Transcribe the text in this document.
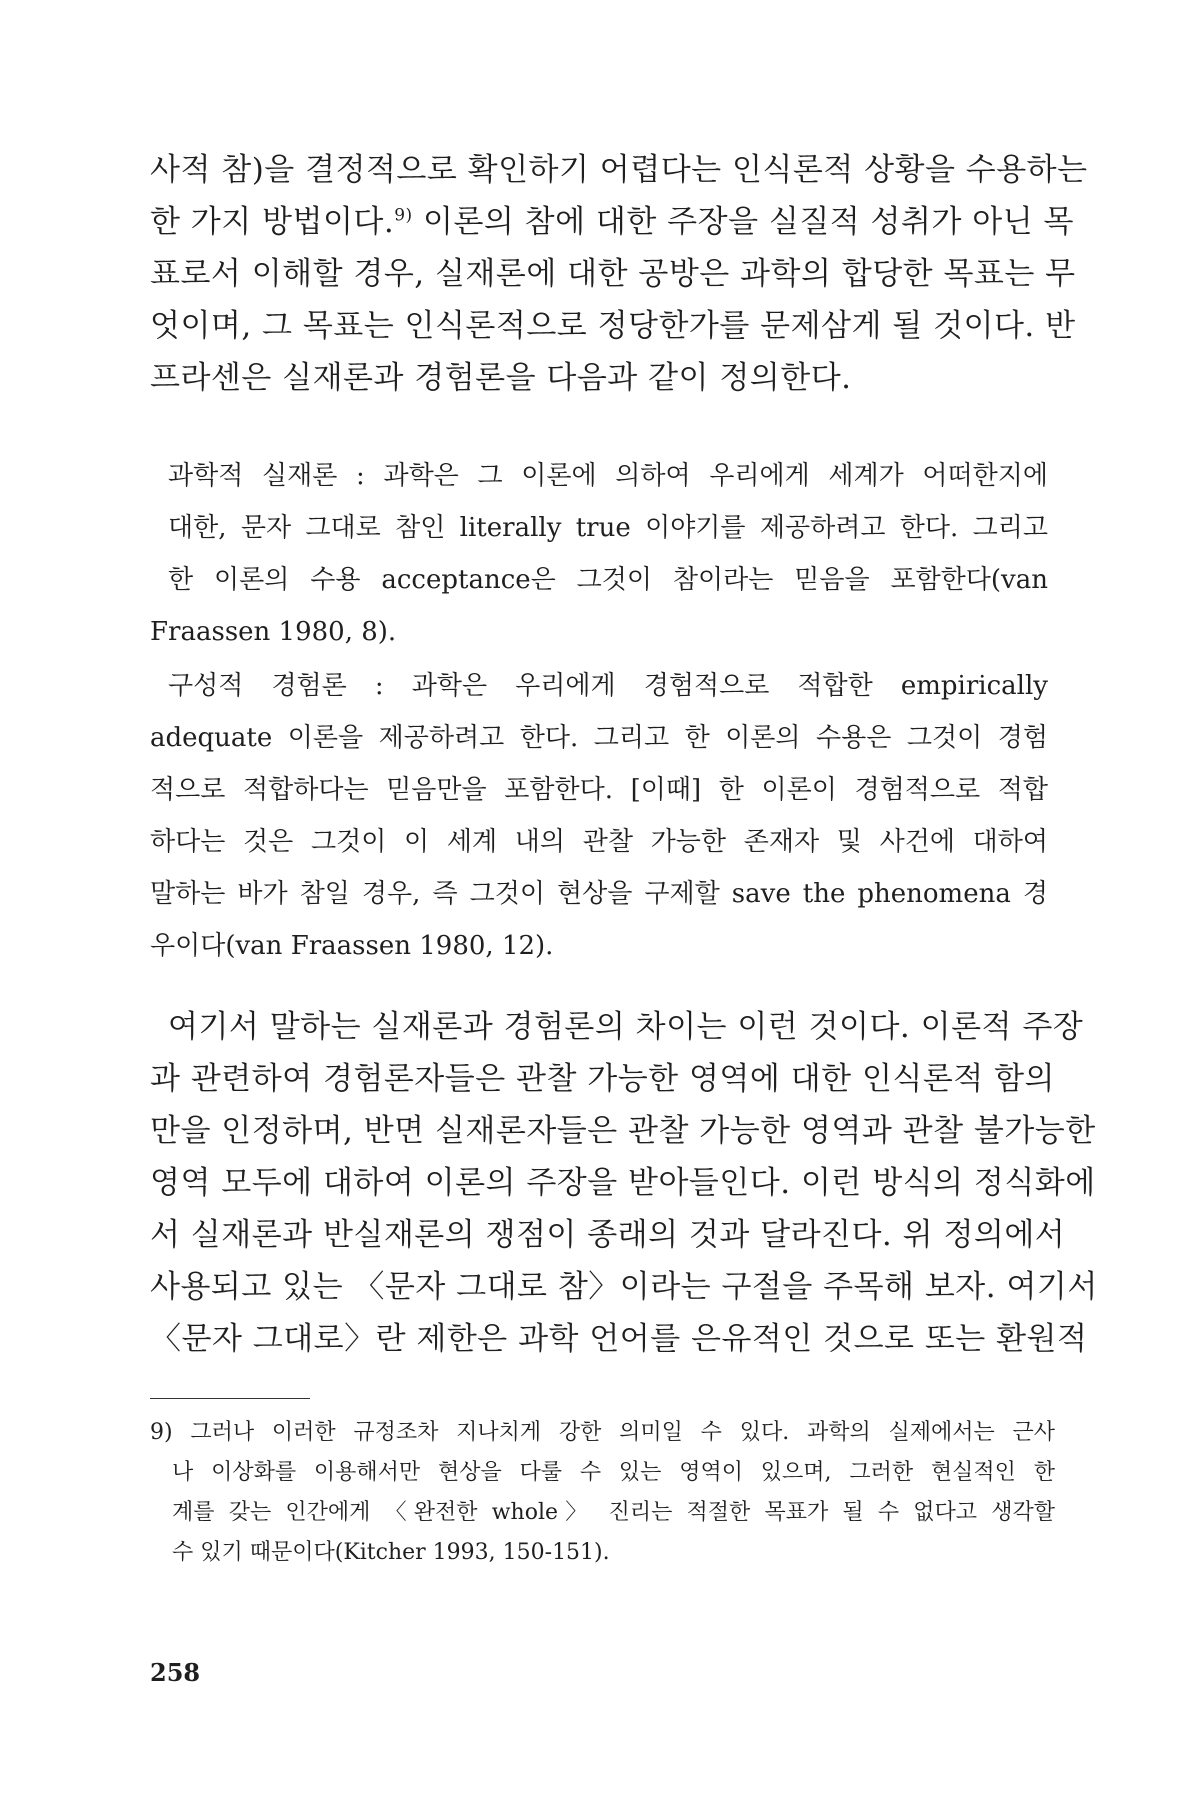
사적 참)을 결정적으로 확인하기 어렵다는 인식론적 상황을 수용하는
한 가지 방법이다.$^{9)}$ 이론의 참에 대한 주장을 실질적 성취가 아닌 목
표로서 이해할 경우, 실재론에 대한 공방은 과학의 합당한 목표는 무
엇이며, 그 목표는 인식론적으로 정당한가를 문제삼게 될 것이다. 반
프라센은 실재론과 경험론을 다음과 같이 정의한다.
과학적 실재론 : 과학은 그 이론에 의하여 우리에게 세계가 어떠한지에
대한, 문자 그대로 참인 literally true 이야기를 제공하려고 한다. 그리고
한 이론의 수용 acceptance은 그것이 참이라는 믿음을 포함한다(van
Fraassen 1980, 8).
구성적 경험론 : 과학은 우리에게 경험적으로 적합한 empirically
adequate 이론을 제공하려고 한다. 그리고 한 이론의 수용은 그것이 경험
적으로 적합하다는 믿음만을 포함한다. [이때] 한 이론이 경험적으로 적합
하다는 것은 그것이 이 세계 내의 관찰 가능한 존재자 및 사건에 대하여
말하는 바가 참일 경우, 즉 그것이 현상을 구제할 save the phenomena 경
우이다(van Fraassen 1980, 12).
여기서 말하는 실재론과 경험론의 차이는 이런 것이다. 이론적 주장
과 관련하여 경험론자들은 관찰 가능한 영역에 대한 인식론적 함의
만을 인정하며, 반면 실재론자들은 관찰 가능한 영역과 관찰 불가능한
영역 모두에 대하여 이론의 주장을 받아들인다. 이런 방식의 정식화에
서 실재론과 반실재론의 쟁점이 종래의 것과 달라진다. 위 정의에서
사용되고 있는 〈문자 그대로 참〉이라는 구절을 주목해 보자. 여기서
〈문자 그대로〉란 제한은 과학 언어를 은유적인 것으로 또는 환원적
9) 그러나 이러한 규정조차 지나치게 강한 의미일 수 있다. 과학의 실제에서는 근사
나 이상화를 이용해서만 현상을 다룰 수 있는 영역이 있으며, 그러한 현실적인 한
계를 갖는 인간에게 〈완전한 whole〉 진리는 적절한 목표가 될 수 없다고 생각할
수 있기 때문이다(Kitcher 1993, 150-151).
258
